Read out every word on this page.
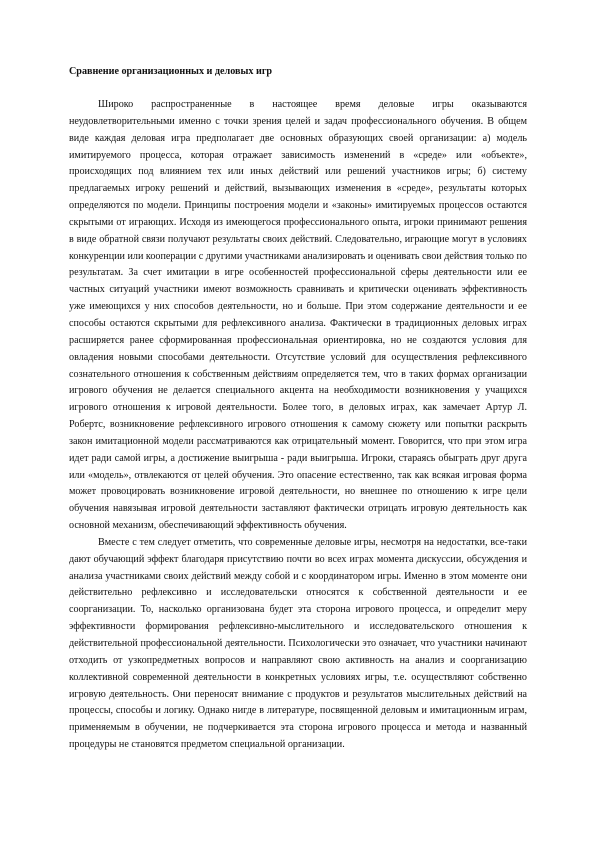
Сравнение организационных и деловых игр

Широко распространенные в настоящее время деловые игры оказываются неудовлетворительными именно с точки зрения целей и задач профессионального обучения. В общем виде каждая деловая игра предполагает две основных образующих своей организации: а) модель имитируемого процесса, которая отражает зависимость изменений в «среде» или «объекте», происходящих под влиянием тех или иных действий или решений участников игры; б) систему предлагаемых игроку решений и действий, вызывающих изменения в «среде», результаты которых определяются по модели. Принципы построения модели и «законы» имитируемых процессов остаются скрытыми от играющих. Исходя из имеющегося профессионального опыта, игроки принимают решения в виде обратной связи получают результаты своих действий. Следовательно, играющие могут в условиях конкуренции или кооперации с другими участниками анализировать и оценивать свои действия только по результатам. За счет имитации в игре особенностей профессиональной сферы деятельности или ее частных ситуаций участники имеют возможность сравнивать и критически оценивать эффективность уже имеющихся у них способов деятельности, но и больше. При этом содержание деятельности и ее способы остаются скрытыми для рефлексивного анализа. Фактически в традиционных деловых играх расширяется ранее сформированная профессиональная ориентировка, но не создаются условия для овладения новыми способами деятельности. Отсутствие условий для осуществления рефлексивного сознательного отношения к собственным действиям определяется тем, что в таких формах организации игрового обучения не делается специального акцента на необходимости возникновения у учащихся игрового отношения к игровой деятельности. Более того, в деловых играх, как замечает Артур Л. Робертс, возникновение рефлексивного игрового отношения к самому сюжету или попытки раскрыть закон имитационной модели рассматриваются как отрицательный момент. Говорится, что при этом игра идет ради самой игры, а достижение выигрыша - ради выигрыша. Игроки, стараясь обыграть друг друга или «модель», отвлекаются от целей обучения. Это опасение естественно, так как всякая игровая форма может провоцировать возникновение игровой деятельности, но внешнее по отношению к игре цели обучения навязывая игровой деятельности заставляют фактически отрицать игровую деятельность как основной механизм, обеспечивающий эффективность обучения.

Вместе с тем следует отметить, что современные деловые игры, несмотря на недостатки, все-таки дают обучающий эффект благодаря присутствию почти во всех играх момента дискуссии, обсуждения и анализа участниками своих действий между собой и с координатором игры. Именно в этом моменте они действительно рефлексивно и исследовательски относятся к собственной деятельности и ее соорганизации. То, насколько организована будет эта сторона игрового процесса, и определит меру эффективности формирования рефлексивно-мыслительного и исследовательского отношения к действительной профессиональной деятельности. Психологически это означает, что участники начинают отходить от узкопредметных вопросов и направляют свою активность на анализ и соорганизацию коллективной современной деятельности в конкретных условиях игры, т.е. осуществляют собственно игровую деятельность. Они переносят внимание с продуктов и результатов мыслительных действий на процессы, способы и логику. Однако нигде в литературе, посвященной деловым и имитационным играм, применяемым в обучении, не подчеркивается эта сторона игрового процесса и метода и названный процедуры не становятся предметом специальной организации.
